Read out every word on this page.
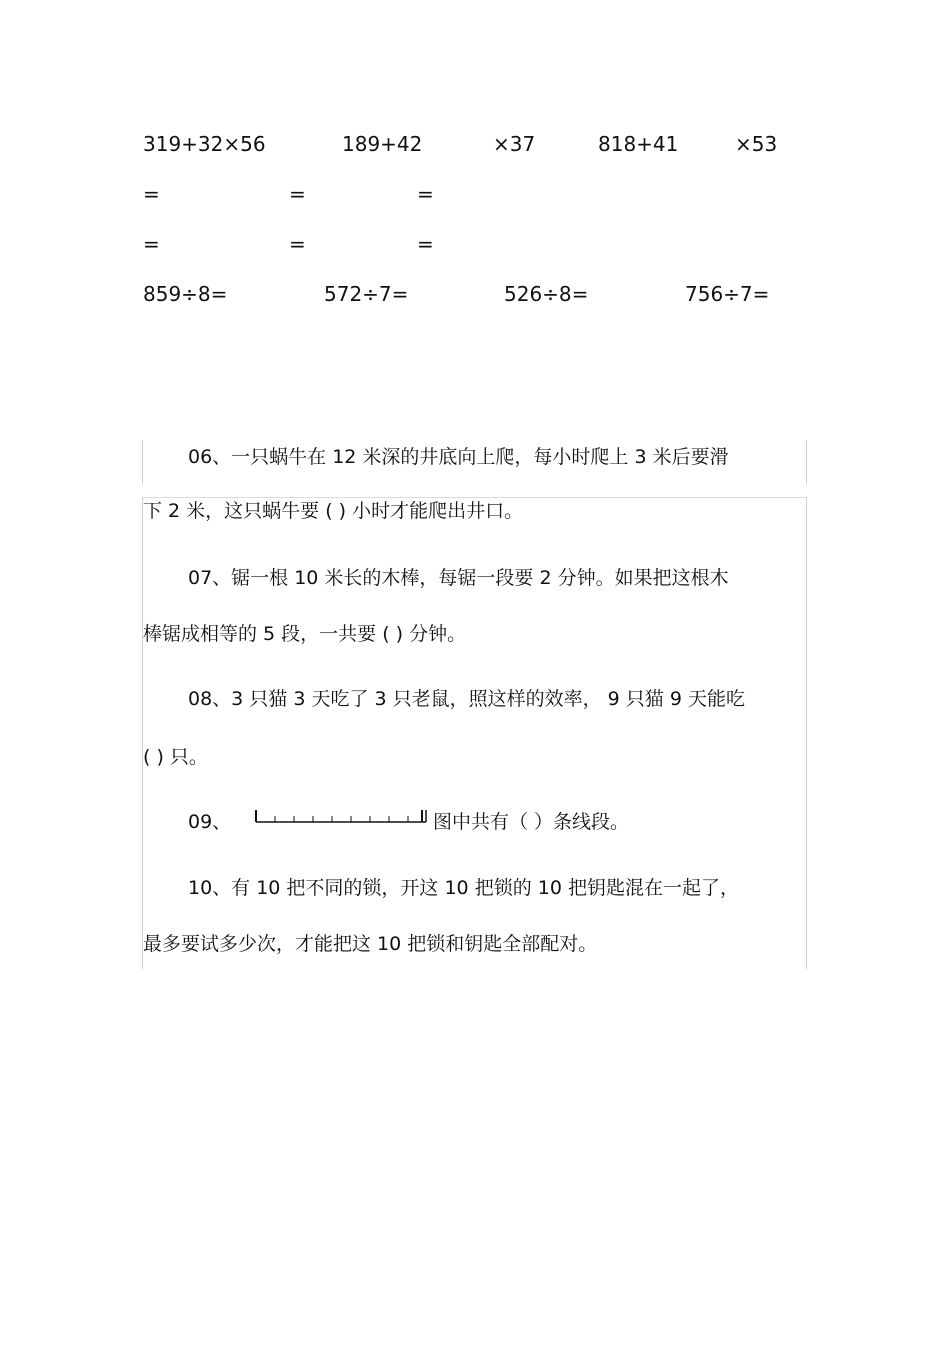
319+32×56	189+42	×37	818+41	×53
=	=	=
=	=	=
859÷8=	572÷7=	526÷8=	756÷7=
06、一只蜗牛在 12 米深的井底向上爬，每小时爬上 3 米后要滑
下 2 米，这只蜗牛要 ( ) 小时才能爬出井口。
07、锯一根 10 米长的木棒，每锯一段要 2 分钟。如果把这根木
棒锯成相等的 5 段，一共要 ( ) 分钟。
08、3 只猫 3 天吃了 3 只老鼠，照这样的效率， 9 只猫 9 天能吃
( ) 只。
09、	图中共有（ ）条线段。
10、有 10 把不同的锁，开这 10 把锁的 10 把钥匙混在一起了，
最多要试多少次，才能把这 10 把锁和钥匙全部配对。
